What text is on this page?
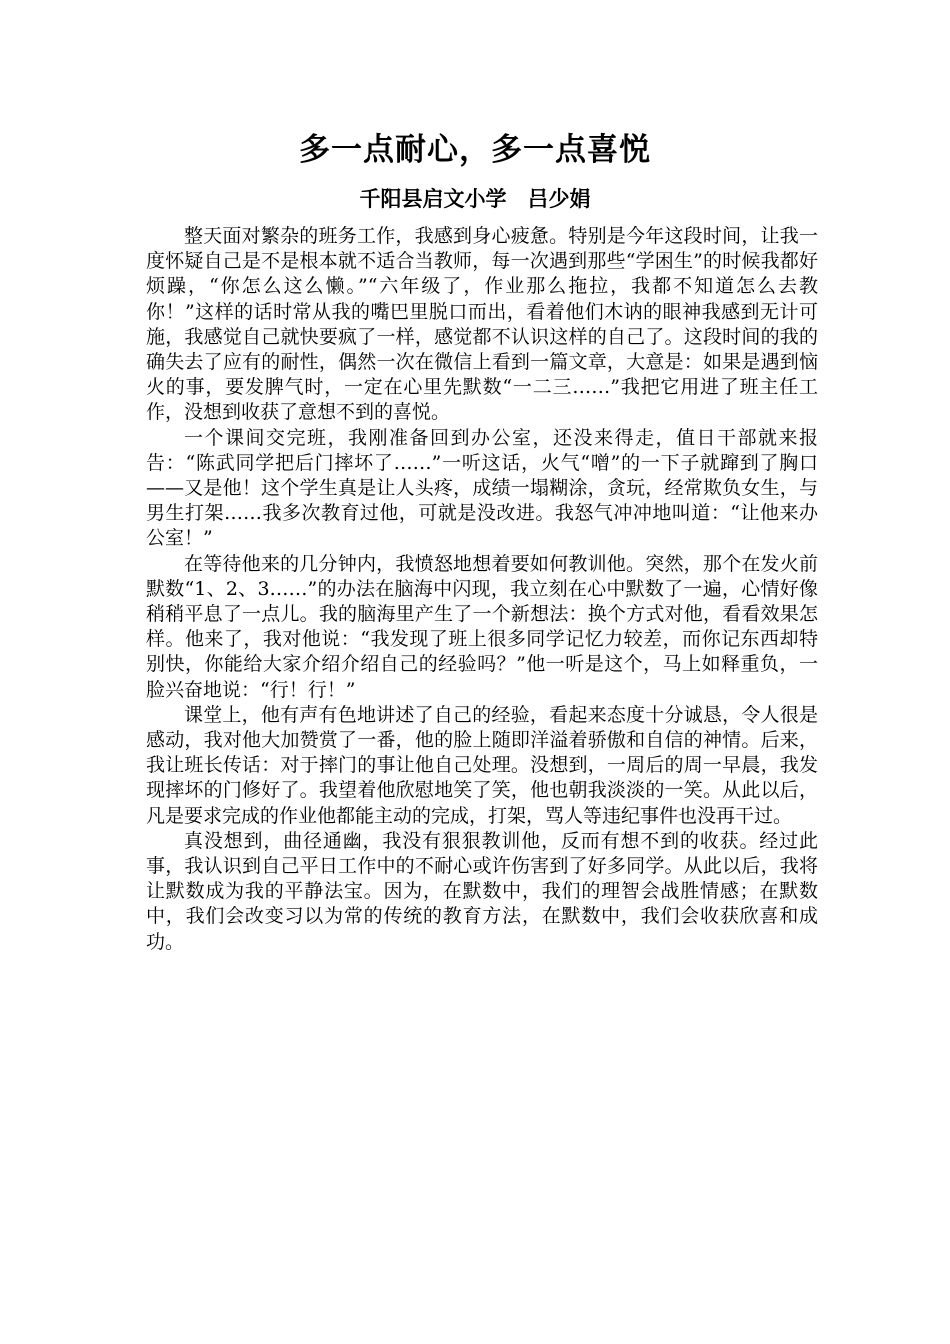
多一点耐心，多一点喜悦
千阳县启文小学　吕少娟

整天面对繁杂的班务工作，我感到身心疲惫。特别是今年这段时间，让我一度怀疑自己是不是根本就不适合当教师，每一次遇到那些“学困生”的时候我都好烦躁，“你怎么这么懒。”“六年级了，作业那么拖拉，我都不知道怎么去教你！”这样的话时常从我的嘴巴里脱口而出，看着他们木讷的眼神我感到无计可施，我感觉自己就快要疯了一样，感觉都不认识这样的自己了。这段时间的我的确失去了应有的耐性，偶然一次在微信上看到一篇文章，大意是：如果是遇到恼火的事，要发脾气时，一定在心里先默数“一二三……”我把它用进了班主任工作，没想到收获了意想不到的喜悦。

一个课间交完班，我刚准备回到办公室，还没来得走，值日干部就来报告：“陈武同学把后门摔坏了……”一听这话，火气“噌”的一下子就蹿到了胸口——又是他！这个学生真是让人头疼，成绩一塌糊涂，贪玩，经常欺负女生，与男生打架……我多次教育过他，可就是没改进。我怒气冲冲地叫道：“让他来办公室！”

在等待他来的几分钟内，我愤怒地想着要如何教训他。突然，那个在发火前默数“1、2、3……”的办法在脑海中闪现，我立刻在心中默数了一遍，心情好像稍稍平息了一点儿。我的脑海里产生了一个新想法：换个方式对他，看看效果怎样。他来了，我对他说：“我发现了班上很多同学记忆力较差，而你记东西却特别快，你能给大家介绍介绍自己的经验吗？”他一听是这个，马上如释重负，一脸兴奋地说：“行！行！”

课堂上，他有声有色地讲述了自己的经验，看起来态度十分诚恳，令人很是感动，我对他大加赞赏了一番，他的脸上随即洋溢着骄傲和自信的神情。后来，我让班长传话：对于摔门的事让他自己处理。没想到，一周后的周一早晨，我发现摔坏的门修好了。我望着他欣慰地笑了笑，他也朝我淡淡的一笑。从此以后，凡是要求完成的作业他都能主动的完成，打架，骂人等违纪事件也没再干过。

真没想到，曲径通幽，我没有狠狠教训他，反而有想不到的收获。经过此事，我认识到自己平日工作中的不耐心或许伤害到了好多同学。从此以后，我将让默数成为我的平静法宝。因为，在默数中，我们的理智会战胜情感；在默数中，我们会改变习以为常的传统的教育方法，在默数中，我们会收获欣喜和成功。
